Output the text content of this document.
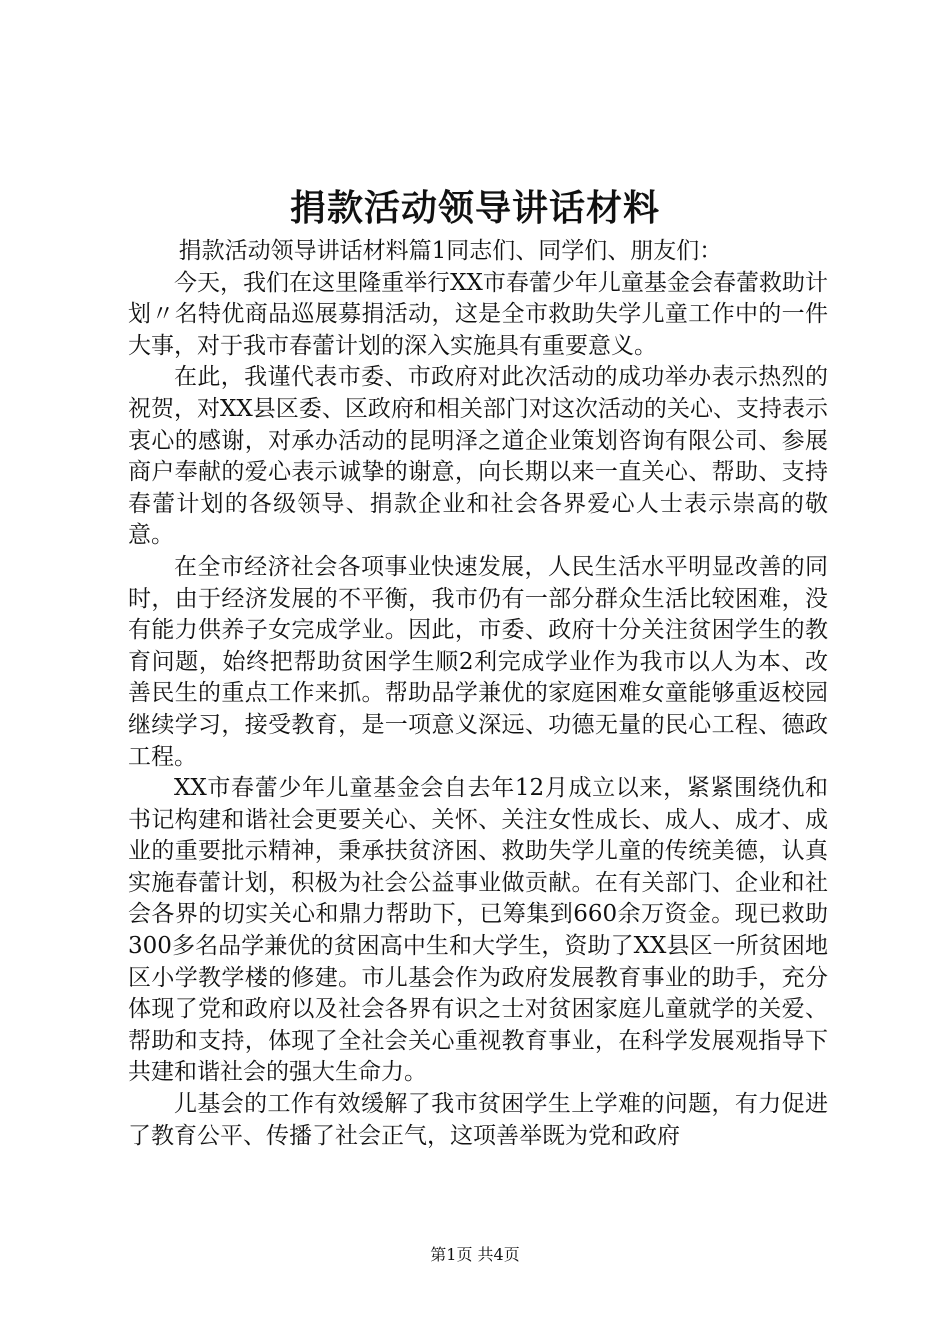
捐款活动领导讲话材料

捐款活动领导讲话材料篇1同志们、同学们、朋友们：

今天，我们在这里隆重举行XX市春蕾少年儿童基金会春蕾救助计划〃名特优商品巡展募捐活动，这是全市救助失学儿童工作中的一件大事，对于我市春蕾计划的深入实施具有重要意义。

在此，我谨代表市委、市政府对此次活动的成功举办表示热烈的祝贺，对XX县区委、区政府和相关部门对这次活动的关心、支持表示衷心的感谢，对承办活动的昆明泽之道企业策划咨询有限公司、参展商户奉献的爱心表示诚挚的谢意，向长期以来一直关心、帮助、支持春蕾计划的各级领导、捐款企业和社会各界爱心人士表示崇高的敬意。

在全市经济社会各项事业快速发展，人民生活水平明显改善的同时，由于经济发展的不平衡，我市仍有一部分群众生活比较困难，没有能力供养子女完成学业。因此，市委、政府十分关注贫困学生的教育问题，始终把帮助贫困学生顺2利完成学业作为我市以人为本、改善民生的重点工作来抓。帮助品学兼优的家庭困难女童能够重返校园继续学习，接受教育，是一项意义深远、功德无量的民心工程、德政工程。

XX市春蕾少年儿童基金会自去年12月成立以来，紧紧围绕仇和书记构建和谐社会更要关心、关怀、关注女性成长、成人、成才、成业的重要批示精神，秉承扶贫济困、救助失学儿童的传统美德，认真实施春蕾计划，积极为社会公益事业做贡献。在有关部门、企业和社会各界的切实关心和鼎力帮助下，已筹集到660余万资金。现已救助300多名品学兼优的贫困高中生和大学生，资助了XX县区一所贫困地区小学教学楼的修建。市儿基会作为政府发展教育事业的助手，充分体现了党和政府以及社会各界有识之士对贫困家庭儿童就学的关爱、帮助和支持，体现了全社会关心重视教育事业，在科学发展观指导下共建和谐社会的强大生命力。

儿基会的工作有效缓解了我市贫困学生上学难的问题，有力促进了教育公平、传播了社会正气，这项善举既为党和政府

第1页 共4页
